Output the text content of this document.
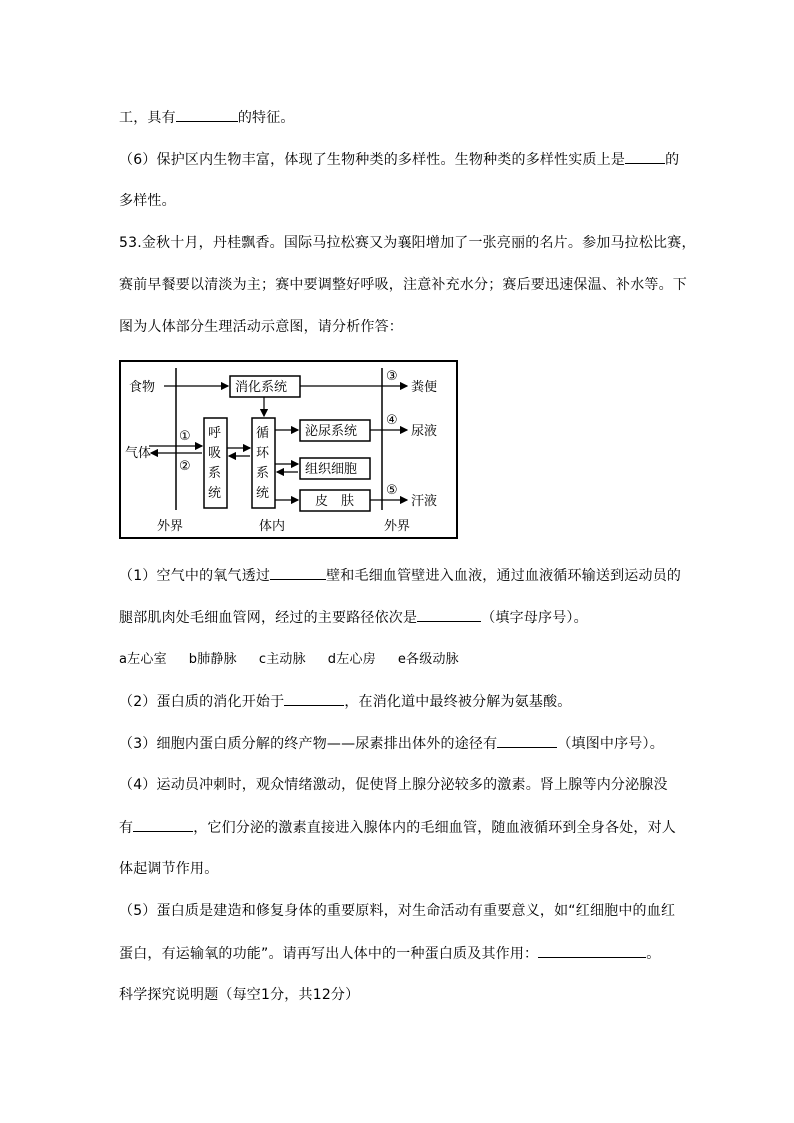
工，具有	的特征。
（6）保护区内生物丰富，体现了生物种类的多样性。生物种类的多样性实质上是	的
多样性。
53.金秋十月，丹桂飘香。国际马拉松赛又为襄阳增加了一张亮丽的名片。参加马拉松比赛，
赛前早餐要以清淡为主；赛中要调整好呼吸，注意补充水分；赛后要迅速保温、补水等。下
图为人体部分生理活动示意图，请分析作答：
食物
气体
外界	体内	外界
消化系统
呼
吸
系
统
循
环
系
统
泌尿系统
组织细胞
皮　肤
③
粪便
①
②
④
尿液
⑤
汗液
（1）空气中的氧气透过	壁和毛细血管壁进入血液，通过血液循环输送到运动员的
腿部肌肉处毛细血管网，经过的主要路径依次是	（填字母序号）。
a左心室 b肺静脉 c主动脉 d左心房 e各级动脉
（2）蛋白质的消化开始于	，在消化道中最终被分解为氨基酸。
（3）细胞内蛋白质分解的终产物——尿素排出体外的途径有	（填图中序号）。
（4）运动员冲刺时，观众情绪激动，促使肾上腺分泌较多的激素。肾上腺等内分泌腺没
有	，它们分泌的激素直接进入腺体内的毛细血管，随血液循环到全身各处，对人
体起调节作用。
（5）蛋白质是建造和修复身体的重要原料，对生命活动有重要意义，如“红细胞中的血红
蛋白，有运输氧的功能”。请再写出人体中的一种蛋白质及其作用：	。
科学探究说明题（每空1分，共12分）
